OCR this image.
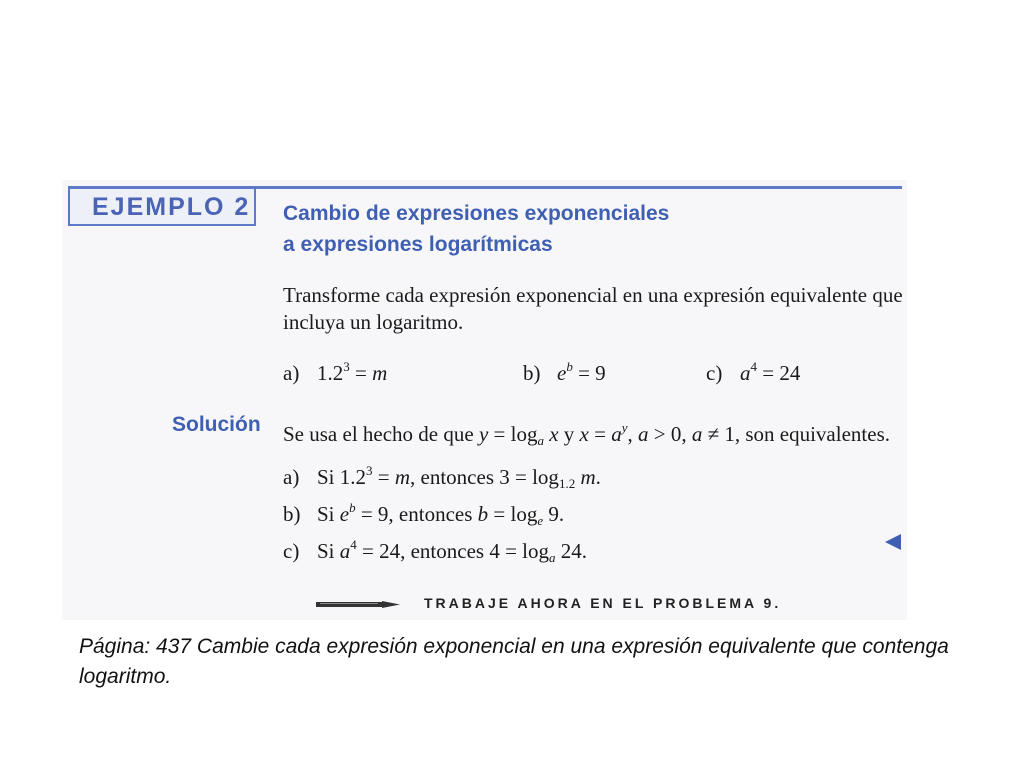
EJEMPLO 2 Cambio de expresiones exponenciales
a expresiones logarítmicas
Transforme cada expresión exponencial en una expresión equivalente que incluya un logaritmo.
a) $1.2^3 = m$	b) $e^b = 9$	c) $a^4 = 24$
Solución Se usa el hecho de que $y = \log_a x$ y $x = a^y$, a > 0, a ≠ 1, son equivalentes.
a) Si $1.2^3 = m$, entonces $3 = \log_{1.2} m$.
b) Si $e^b = 9$, entonces $b = \log_e 9$.
c) Si $a^4 = 24$, entonces $4 = \log_a 24$.
TRABAJE AHORA EN EL PROBLEMA 9.
Página: 437 Cambie cada expresión exponencial en una expresión equivalente que contenga logaritmo.
